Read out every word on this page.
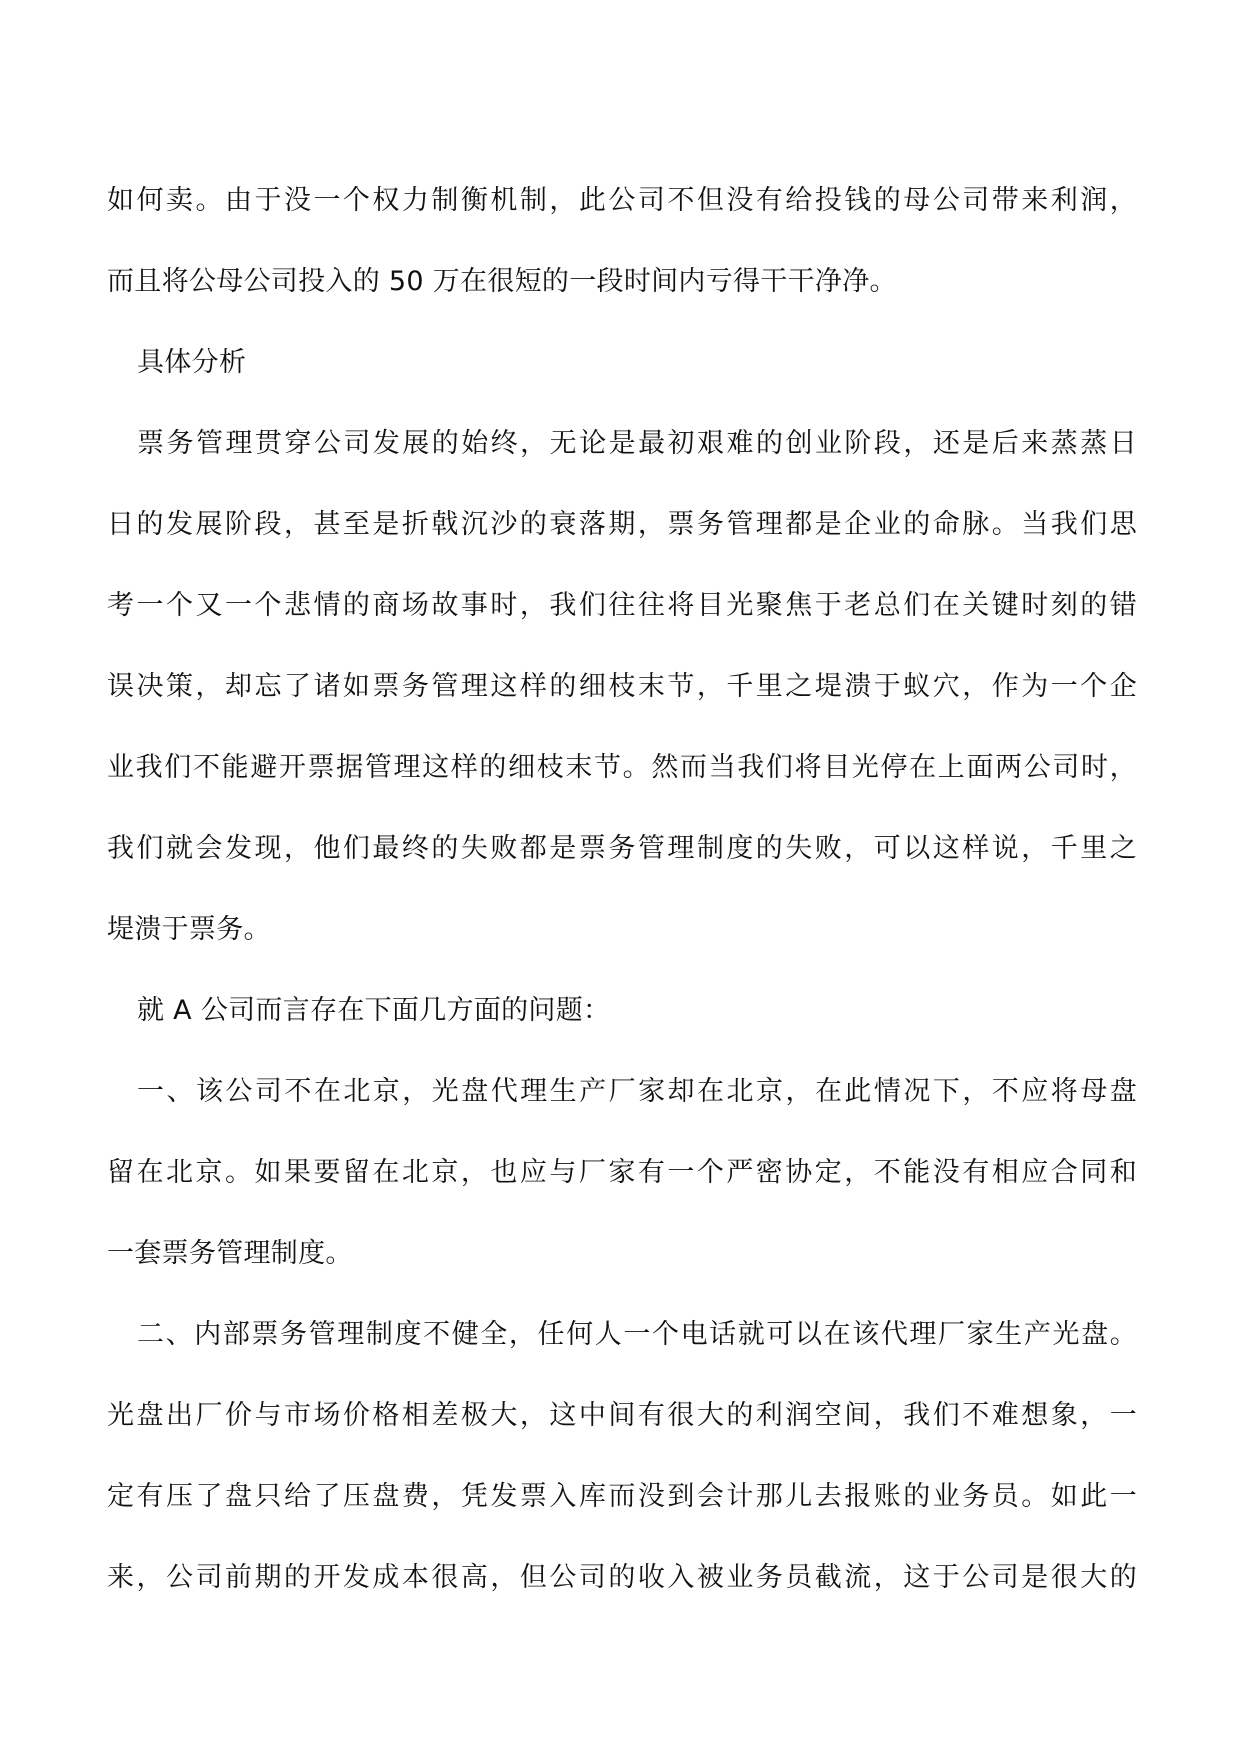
如何卖。由于没一个权力制衡机制，此公司不但没有给投钱的母公司带来利润，
而且将公母公司投入的 50 万在很短的一段时间内亏得干干净净。
具体分析
票务管理贯穿公司发展的始终，无论是最初艰难的创业阶段，还是后来蒸蒸日
日的发展阶段，甚至是折戟沉沙的衰落期，票务管理都是企业的命脉。当我们思
考一个又一个悲情的商场故事时，我们往往将目光聚焦于老总们在关键时刻的错
误决策，却忘了诸如票务管理这样的细枝末节，千里之堤溃于蚁穴，作为一个企
业我们不能避开票据管理这样的细枝末节。然而当我们将目光停在上面两公司时，
我们就会发现，他们最终的失败都是票务管理制度的失败，可以这样说，千里之
堤溃于票务。
就 A 公司而言存在下面几方面的问题：
一、该公司不在北京，光盘代理生产厂家却在北京，在此情况下，不应将母盘
留在北京。如果要留在北京，也应与厂家有一个严密协定，不能没有相应合同和
一套票务管理制度。
二、内部票务管理制度不健全，任何人一个电话就可以在该代理厂家生产光盘。
光盘出厂价与市场价格相差极大，这中间有很大的利润空间，我们不难想象，一
定有压了盘只给了压盘费，凭发票入库而没到会计那儿去报账的业务员。如此一
来，公司前期的开发成本很高，但公司的收入被业务员截流，这于公司是很大的
